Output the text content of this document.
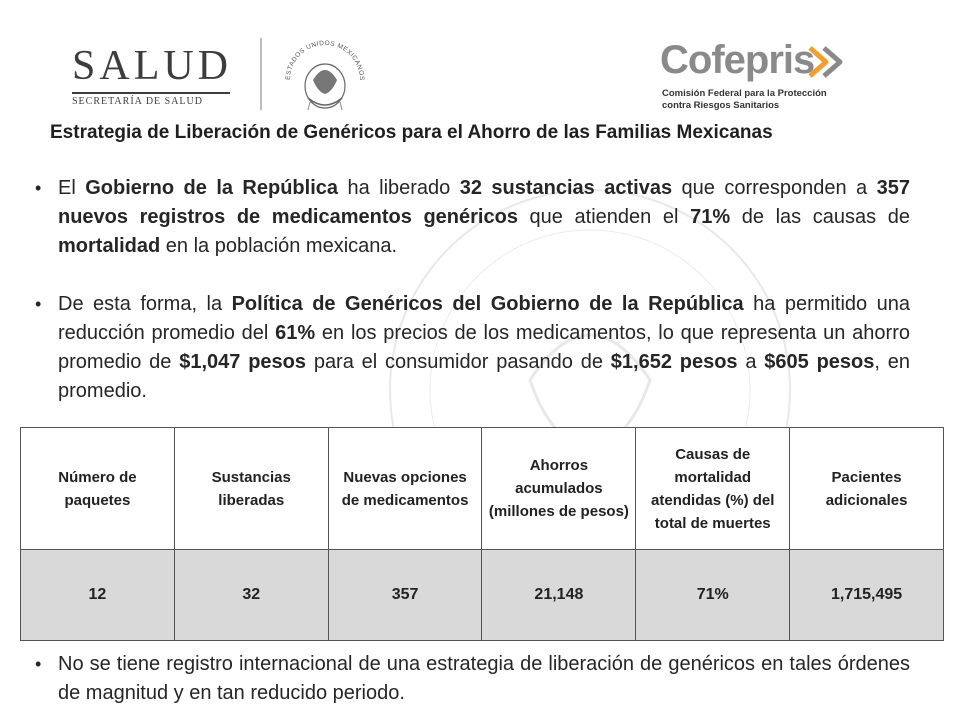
SALUD
SECRETARÍA DE SALUD
ESTADOS UNIDOS MEXICANOS	Cofepris
Comisión Federal para la Protección
contra Riesgos Sanitarios
Estrategia de Liberación de Genéricos para el Ahorro de las Familias Mexicanas
• El Gobierno de la República ha liberado 32 sustancias activas que corresponden a 357 nuevos registros de medicamentos genéricos que atienden el 71% de las causas de mortalidad en la población mexicana.
• De esta forma, la Política de Genéricos del Gobierno de la República ha permitido una reducción promedio del 61% en los precios de los medicamentos, lo que representa un ahorro promedio de $1,047 pesos para el consumidor pasando de $1,652 pesos a $605 pesos, en promedio.
Número de paquetes	Sustancias liberadas	Nuevas opciones de medicamentos	Ahorros acumulados (millones de pesos)	Causas de mortalidad atendidas (%) del total de muertes	Pacientes adicionales
12	32	357	21,148	71%	1,715,495
• No se tiene registro internacional de una estrategia de liberación de genéricos en tales órdenes de magnitud y en tan reducido periodo.
